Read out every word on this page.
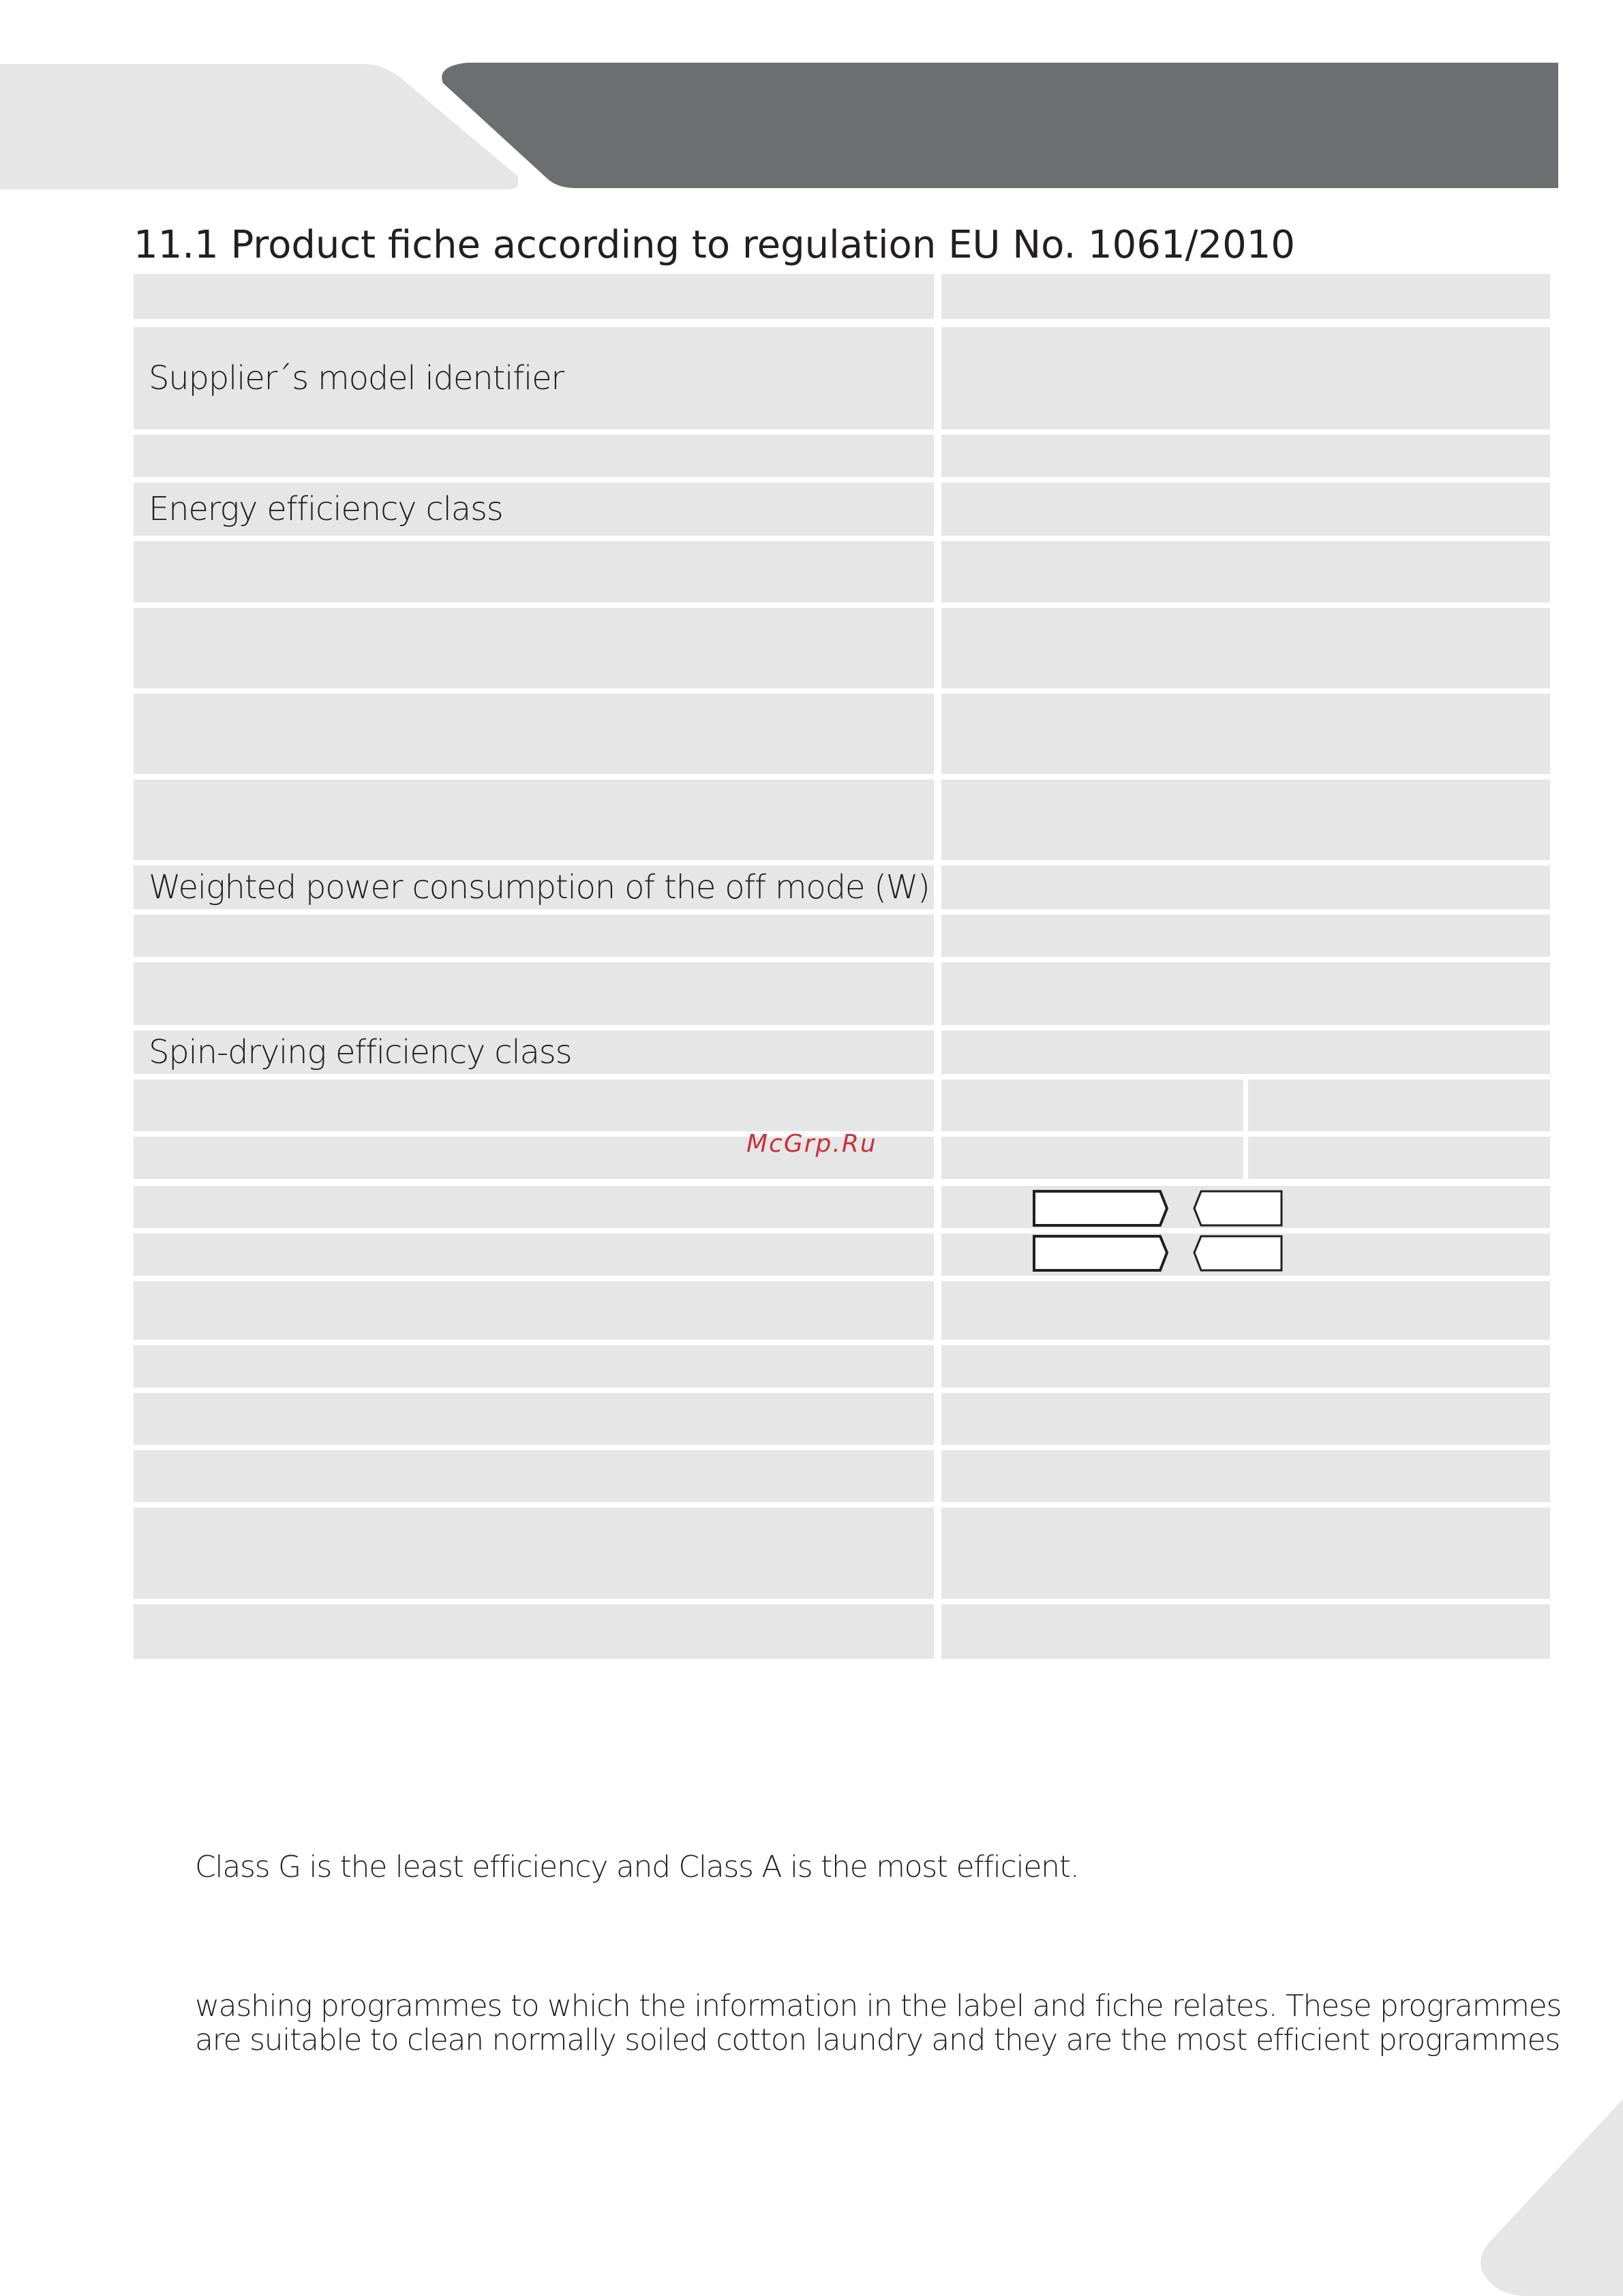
11.1 Product fiche according to regulation EU No. 1061/2010
Supplier´s model identifier
Energy efficiency class
Weighted power consumption of the off mode (W)
Spin-drying efficiency class
McGrp.Ru
Class G is the least efficiency and Class A is the most efficient.
washing programmes to which the information in the label and fiche relates. These programmes
are suitable to clean normally soiled cotton laundry and they are the most efficient programmes
